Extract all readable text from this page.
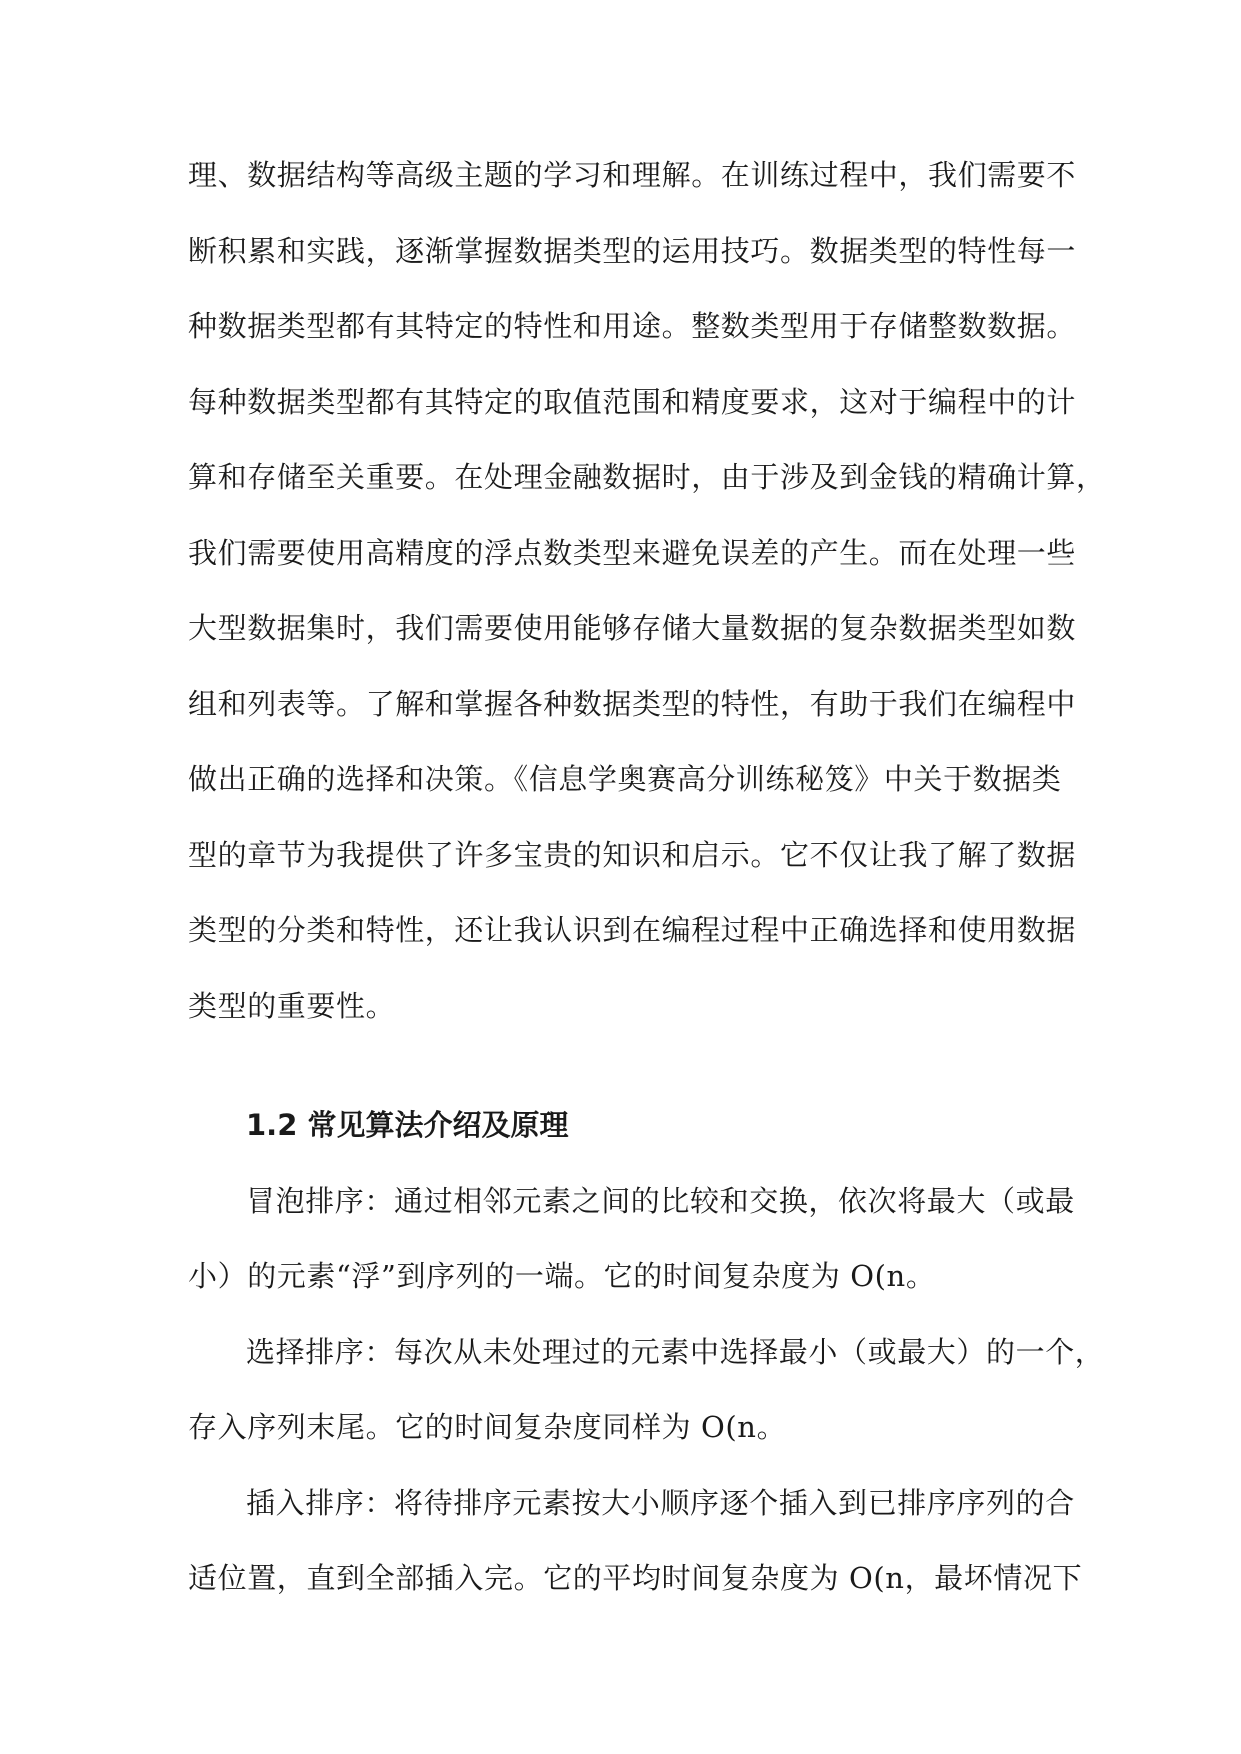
理、数据结构等高级主题的学习和理解。在训练过程中，我们需要不
断积累和实践，逐渐掌握数据类型的运用技巧。数据类型的特性每一
种数据类型都有其特定的特性和用途。整数类型用于存储整数数据。
每种数据类型都有其特定的取值范围和精度要求，这对于编程中的计
算和存储至关重要。在处理金融数据时，由于涉及到金钱的精确计算，
我们需要使用高精度的浮点数类型来避免误差的产生。而在处理一些
大型数据集时，我们需要使用能够存储大量数据的复杂数据类型如数
组和列表等。了解和掌握各种数据类型的特性，有助于我们在编程中
做出正确的选择和决策。《信息学奥赛高分训练秘笈》中关于数据类
型的章节为我提供了许多宝贵的知识和启示。它不仅让我了解了数据
类型的分类和特性，还让我认识到在编程过程中正确选择和使用数据
类型的重要性。
1.2 常见算法介绍及原理
冒泡排序：通过相邻元素之间的比较和交换，依次将最大（或最
小）的元素“浮”到序列的一端。它的时间复杂度为 O(n。
选择排序：每次从未处理过的元素中选择最小（或最大）的一个，
存入序列末尾。它的时间复杂度同样为 O(n。
插入排序：将待排序元素按大小顺序逐个插入到已排序序列的合
适位置，直到全部插入完。它的平均时间复杂度为 O(n，最坏情况下
